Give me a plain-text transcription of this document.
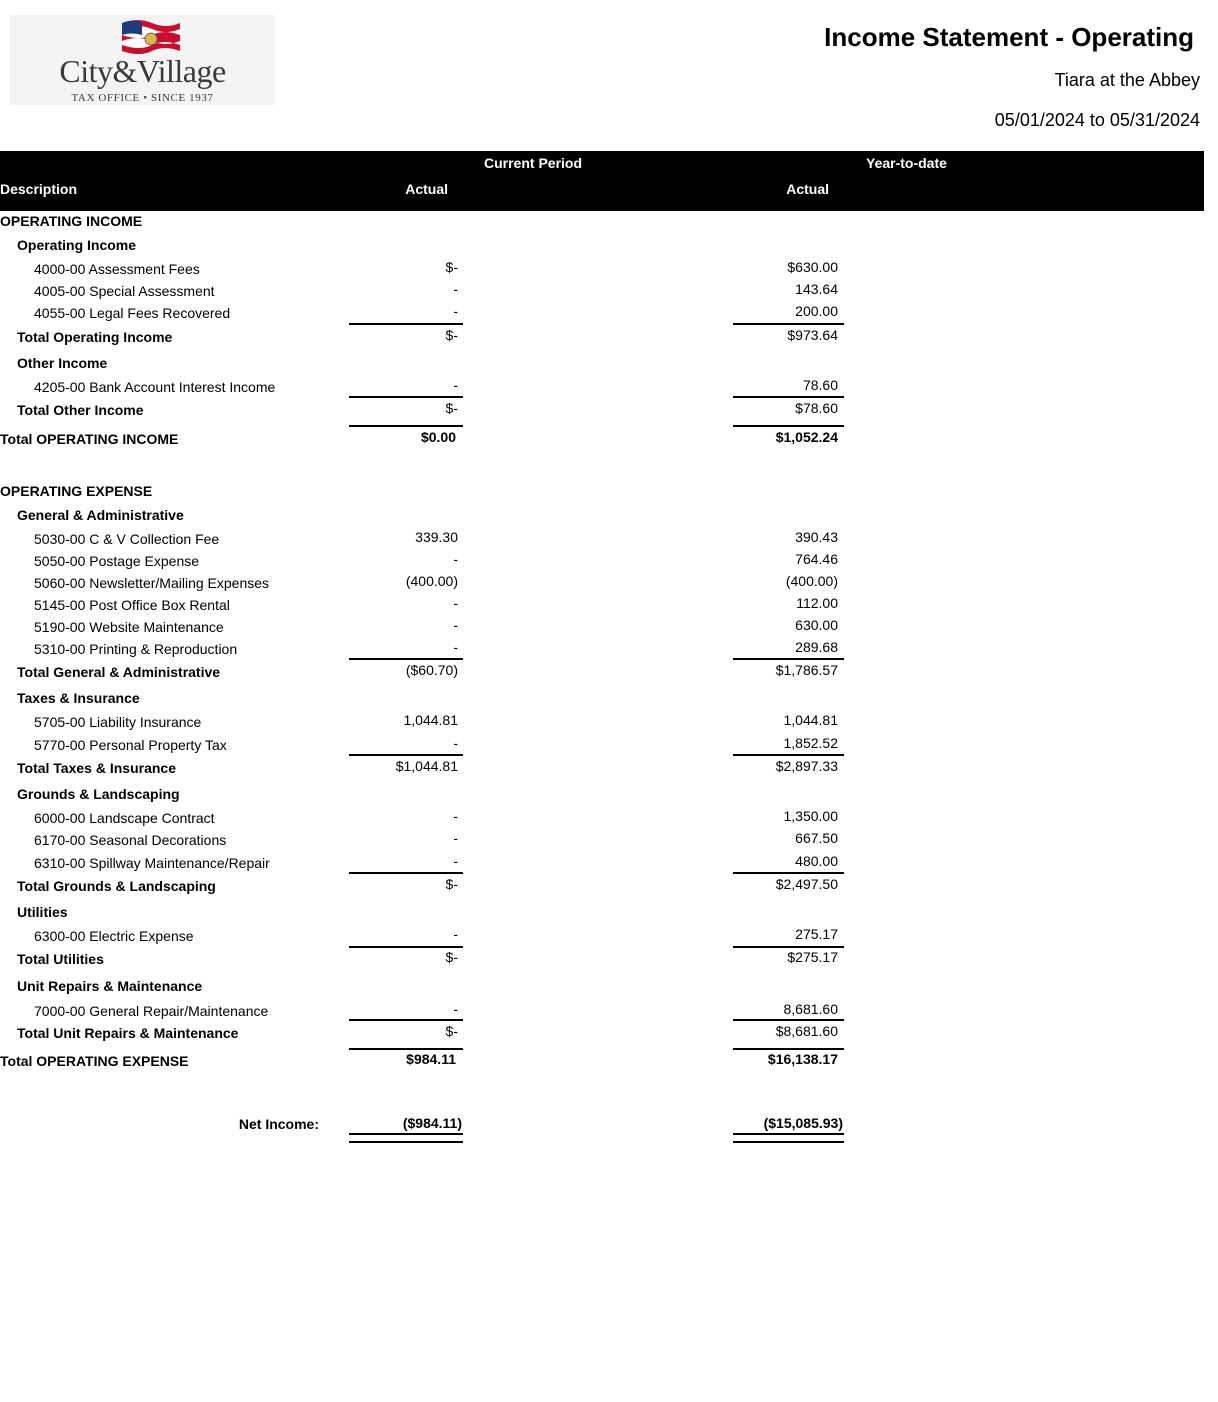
City&Village
TAX OFFICE • SINCE 1937
Income Statement - Operating
Tiara at the Abbey
05/01/2024 to 05/31/2024
Current Period	Year-to-date
Description	Actual	Actual
OPERATING INCOME
Operating Income
4000-00 Assessment Fees	$-	$630.00
4005-00 Special Assessment	-	143.64
4055-00 Legal Fees Recovered	-	200.00
Total Operating Income	$-	$973.64
Other Income
4205-00 Bank Account Interest Income	-	78.60
Total Other Income	$-	$78.60
Total OPERATING INCOME	$0.00	$1,052.24
OPERATING EXPENSE
General & Administrative
5030-00 C & V Collection Fee	339.30	390.43
5050-00 Postage Expense	-	764.46
5060-00 Newsletter/Mailing Expenses	(400.00)	(400.00)
5145-00 Post Office Box Rental	-	112.00
5190-00 Website Maintenance	-	630.00
5310-00 Printing & Reproduction	-	289.68
Total General & Administrative	($60.70)	$1,786.57
Taxes & Insurance
5705-00 Liability Insurance	1,044.81	1,044.81
5770-00 Personal Property Tax	-	1,852.52
Total Taxes & Insurance	$1,044.81	$2,897.33
Grounds & Landscaping
6000-00 Landscape Contract	-	1,350.00
6170-00 Seasonal Decorations	-	667.50
6310-00 Spillway Maintenance/Repair	-	480.00
Total Grounds & Landscaping	$-	$2,497.50
Utilities
6300-00 Electric Expense	-	275.17
Total Utilities	$-	$275.17
Unit Repairs & Maintenance
7000-00 General Repair/Maintenance	-	8,681.60
Total Unit Repairs & Maintenance	$-	$8,681.60
Total OPERATING EXPENSE	$984.11	$16,138.17
Net Income:	($984.11)	($15,085.93)
